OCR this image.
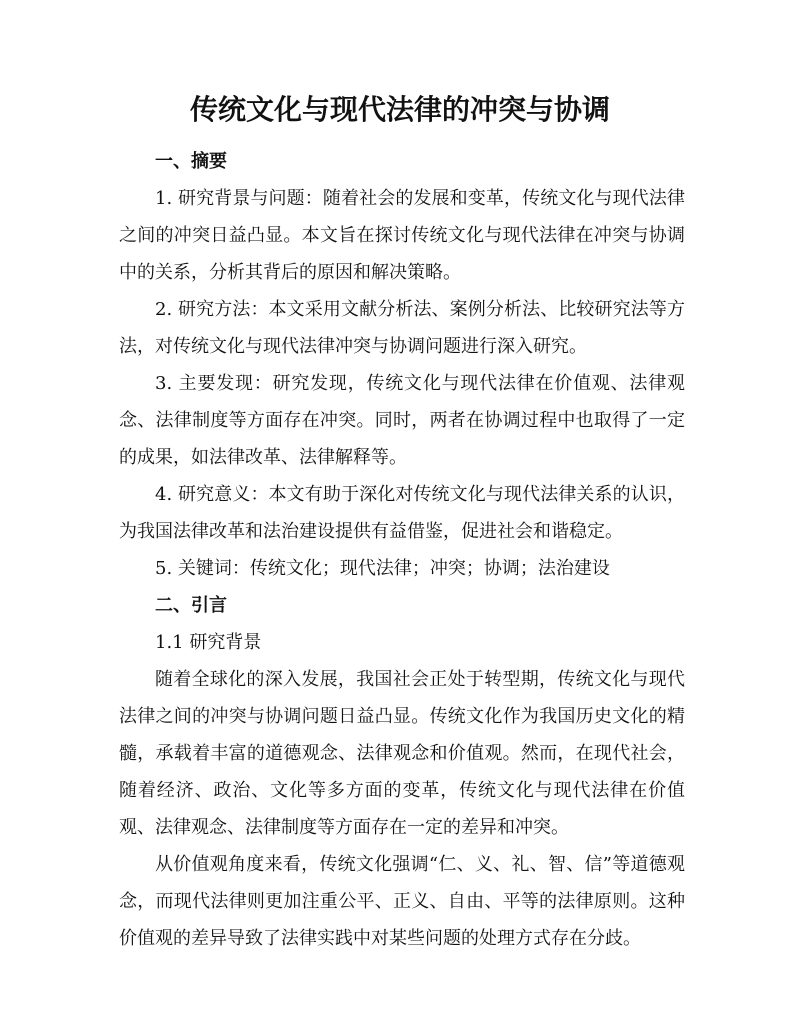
传统文化与现代法律的冲突与协调

一、摘要

1. 研究背景与问题：随着社会的发展和变革，传统文化与现代法律之间的冲突日益凸显。本文旨在探讨传统文化与现代法律在冲突与协调中的关系，分析其背后的原因和解决策略。

2. 研究方法：本文采用文献分析法、案例分析法、比较研究法等方法，对传统文化与现代法律冲突与协调问题进行深入研究。

3. 主要发现：研究发现，传统文化与现代法律在价值观、法律观念、法律制度等方面存在冲突。同时，两者在协调过程中也取得了一定的成果，如法律改革、法律解释等。

4. 研究意义：本文有助于深化对传统文化与现代法律关系的认识，为我国法律改革和法治建设提供有益借鉴，促进社会和谐稳定。

5. 关键词：传统文化；现代法律；冲突；协调；法治建设

二、引言

1.1 研究背景

随着全球化的深入发展，我国社会正处于转型期，传统文化与现代法律之间的冲突与协调问题日益凸显。传统文化作为我国历史文化的精髓，承载着丰富的道德观念、法律观念和价值观。然而，在现代社会，随着经济、政治、文化等多方面的变革，传统文化与现代法律在价值观、法律观念、法律制度等方面存在一定的差异和冲突。

从价值观角度来看，传统文化强调“仁、义、礼、智、信”等道德观念，而现代法律则更加注重公平、正义、自由、平等的法律原则。这种价值观的差异导致了法律实践中对某些问题的处理方式存在分歧。
